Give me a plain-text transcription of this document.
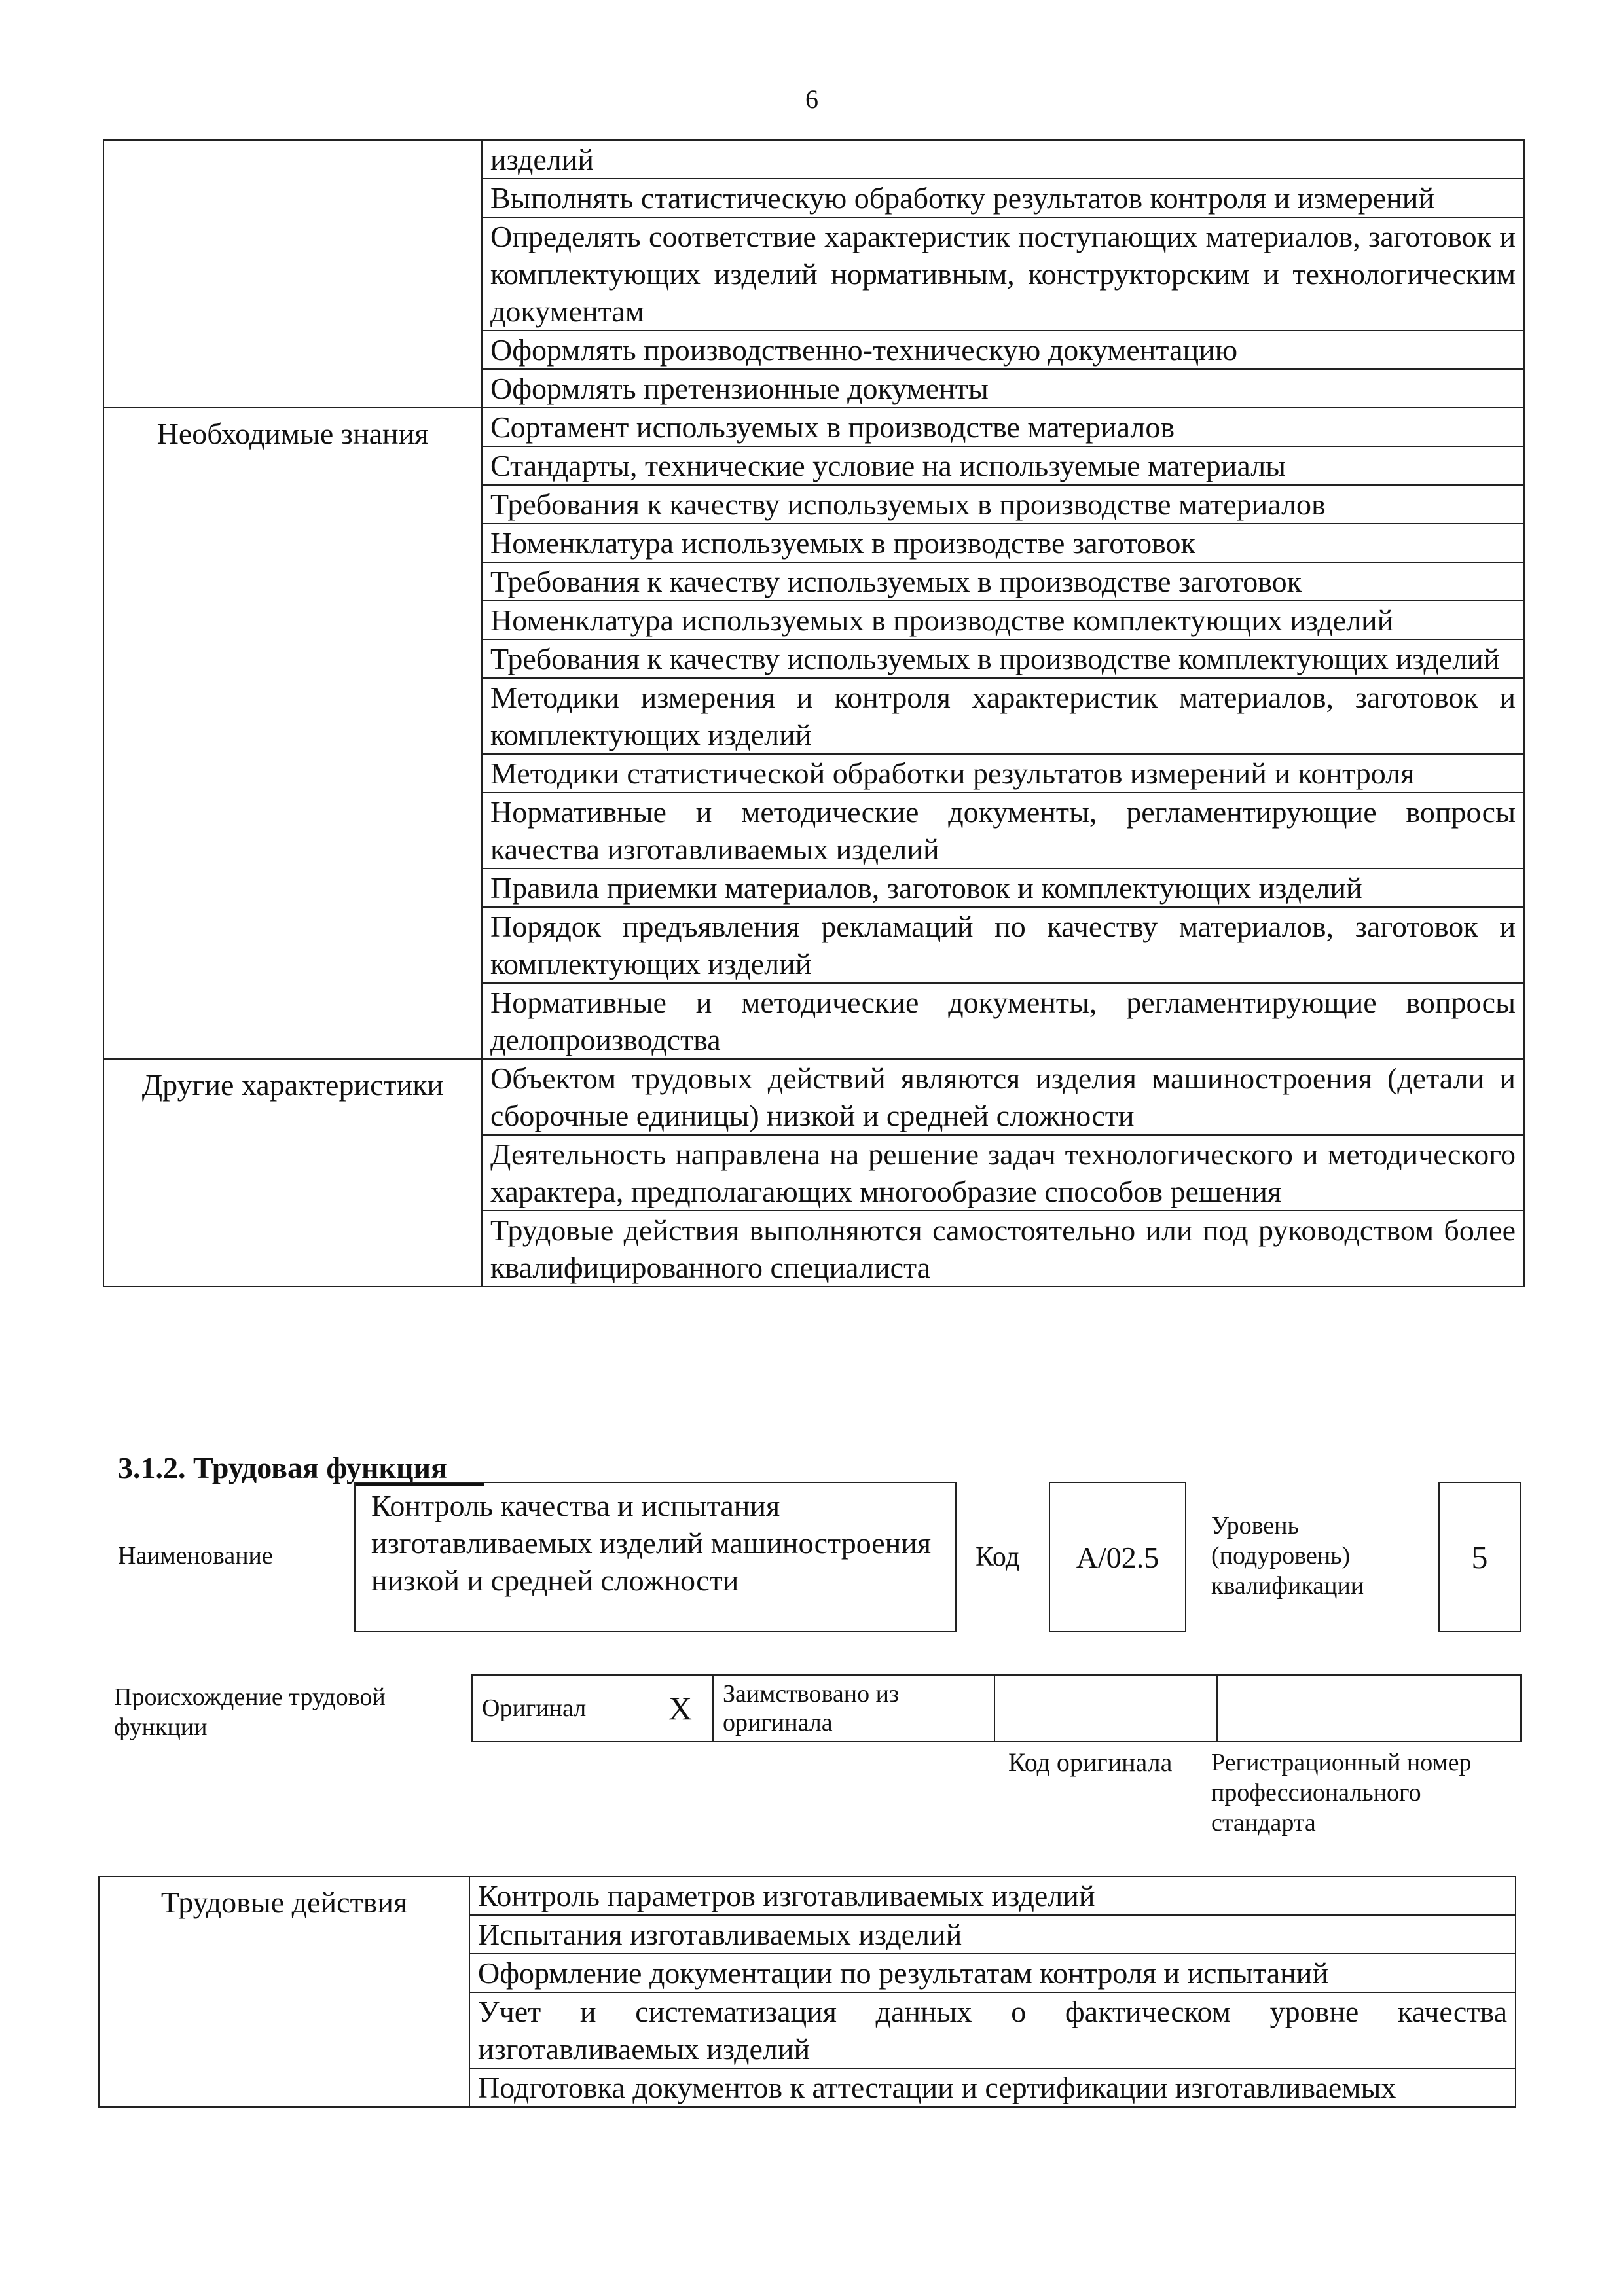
6
	изделий
	Выполнять статистическую обработку результатов контроля и измерений
	Определять соответствие характеристик поступающих материалов, заготовок и комплектующих изделий нормативным, конструкторским и технологическим документам
	Оформлять производственно-техническую документацию
	Оформлять претензионные документы
Необходимые знания	Сортамент используемых в производстве материалов
	Стандарты, технические условие на используемые материалы
	Требования к качеству используемых в производстве материалов
	Номенклатура используемых в производстве заготовок
	Требования к качеству используемых в производстве заготовок
	Номенклатура используемых в производстве комплектующих изделий
	Требования к качеству используемых в производстве комплектующих изделий
	Методики измерения и контроля характеристик материалов, заготовок и комплектующих изделий
	Методики статистической обработки результатов измерений и контроля
	Нормативные и методические документы, регламентирующие вопросы качества изготавливаемых изделий
	Правила приемки материалов, заготовок и комплектующих изделий
	Порядок предъявления рекламаций по качеству материалов, заготовок и комплектующих изделий
	Нормативные и методические документы, регламентирующие вопросы делопроизводства
Другие характеристики	Объектом трудовых действий являются изделия машиностроения (детали и сборочные единицы) низкой и средней сложности
	Деятельность направлена на решение задач технологического и методического характера, предполагающих многообразие способов решения
	Трудовые действия выполняются самостоятельно или под руководством более квалифицированного специалиста
3.1.2. Трудовая функция
Наименование
Контроль качества и испытания изготавливаемых изделий машиностроения низкой и средней сложности
Код А/02.5
Уровень (подуровень) квалификации
5
Происхождение трудовой функции
Оригинал	X	Заимствовано из оригинала		
Код оригинала Регистрационный номер профессионального стандарта
Трудовые действия	Контроль параметров изготавливаемых изделий
Испытания изготавливаемых изделий
Оформление документации по результатам контроля и испытаний
Учет и систематизация данных о фактическом уровне качества изготавливаемых изделий
Подготовка документов к аттестации и сертификации изготавливаемых
